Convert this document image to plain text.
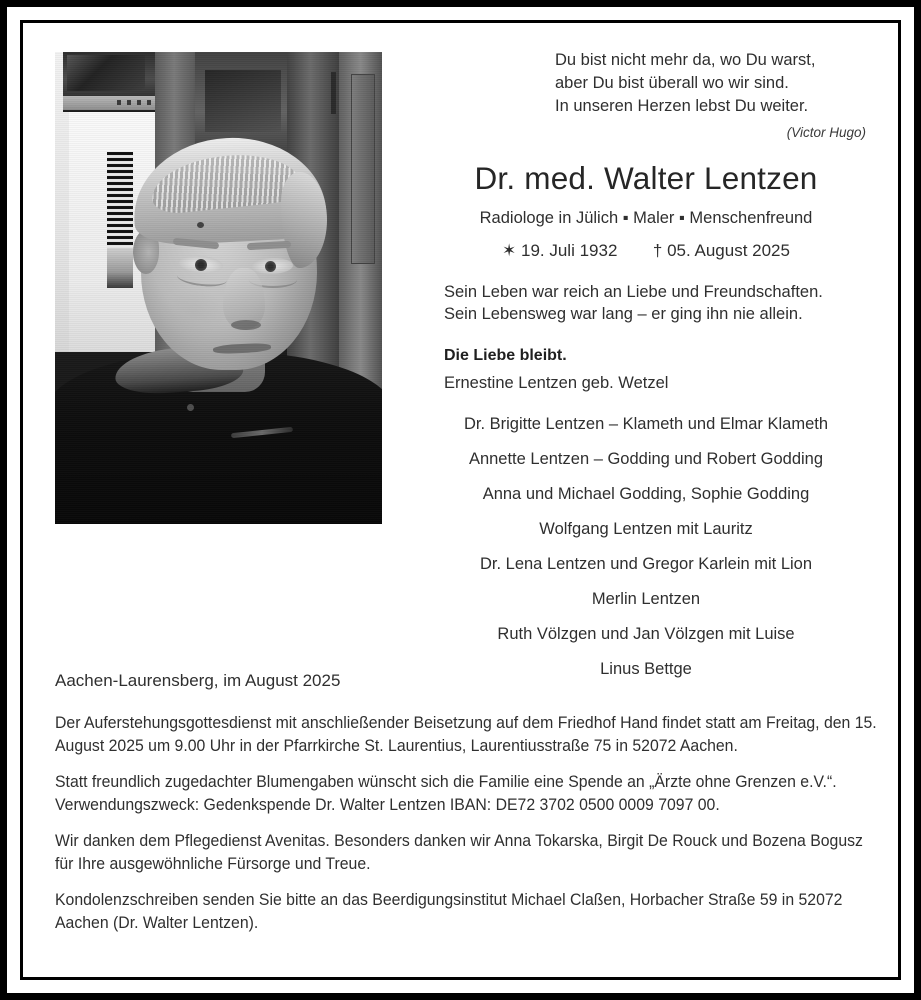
Du bist nicht mehr da, wo Du warst,
aber Du bist überall wo wir sind.
In unseren Herzen lebst Du weiter.
(Victor Hugo)
Dr. med. Walter Lentzen
Radiologe in Jülich ▪ Maler ▪ Menschenfreund
✶ 19. Juli 1932 † 05. August 2025
Sein Leben war reich an Liebe und Freundschaften.
Sein Lebensweg war lang – er ging ihn nie allein.
Die Liebe bleibt.
Ernestine Lentzen geb. Wetzel
Dr. Brigitte Lentzen – Klameth und Elmar Klameth
Annette Lentzen – Godding und Robert Godding
Anna und Michael Godding, Sophie Godding
Wolfgang Lentzen mit Lauritz
Dr. Lena Lentzen und Gregor Karlein mit Lion
Merlin Lentzen
Ruth Völzgen und Jan Völzgen mit Luise
Linus Bettge
Aachen-Laurensberg, im August 2025
Der Auferstehungsgottesdienst mit anschließender Beisetzung auf dem Friedhof Hand findet statt am Freitag, den 15. August 2025 um 9.00 Uhr in der Pfarrkirche St. Laurentius, Laurentiusstraße 75 in 52072 Aachen.
Statt freundlich zugedachter Blumengaben wünscht sich die Familie eine Spende an „Ärzte ohne Grenzen e.V.“. Verwendungszweck: Gedenkspende Dr. Walter Lentzen IBAN: DE72 3702 0500 0009 7097 00.
Wir danken dem Pflegedienst Avenitas. Besonders danken wir Anna Tokarska, Birgit De Rouck und Bozena Bogusz für Ihre ausgewöhnliche Fürsorge und Treue.
Kondolenzschreiben senden Sie bitte an das Beerdigungsinstitut Michael Claßen, Horbacher Straße 59 in 52072 Aachen (Dr. Walter Lentzen).
